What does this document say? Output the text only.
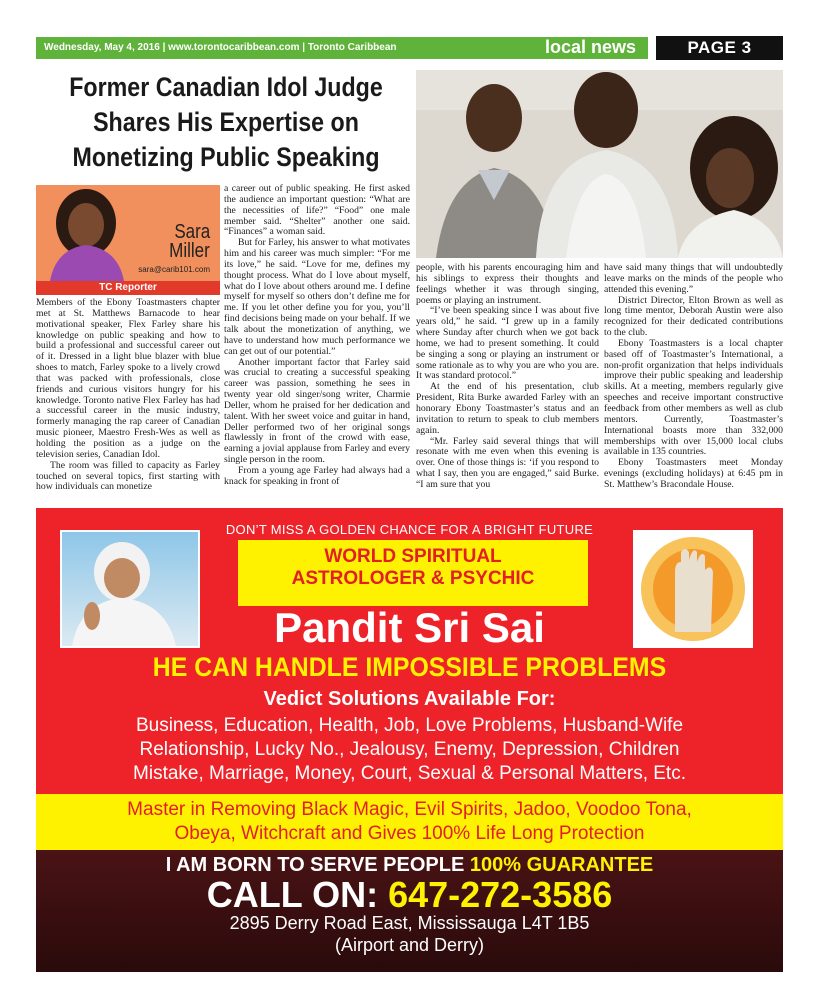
Wednesday, May 4, 2016 | www.torontocaribbean.com | Toronto Caribbean	local news	PAGE 3
Former Canadian Idol Judge
Shares His Expertise on
Monetizing Public Speaking
Sara
Miller
sara@carib101.com
TC Reporter

Members of the Ebony Toastmasters chapter met at St. Matthews Barnacode to hear motivational speaker, Flex Farley share his knowledge on public speaking and how to build a professional and successful career out of it. Dressed in a light blue blazer with blue shoes to match, Farley spoke to a lively crowd that was packed with professionals, close friends and curious visitors hungry for his knowledge. Toronto native Flex Farley has had a successful career in the music industry, formerly managing the rap career of Canadian music pioneer, Maestro Fresh-Wes as well as holding the position as a judge on the television series, Canadian Idol.

The room was filled to capacity as Farley touched on several topics, first starting with how individuals can monetize

a career out of public speaking. He first asked the audience an important question: “What are the necessities of life?” “Food” one male member said. “Shelter” another one said. “Finances” a woman said.

But for Farley, his answer to what motivates him and his career was much simpler: “For me its love,” he said. “Love for me, defines my thought process. What do I love about myself, what do I love about others around me. I define myself for myself so others don’t define me for me. If you let other define you for you, you’ll find decisions being made on your behalf. If we talk about the monetization of anything, we have to understand how much performance we can get out of our potential.”

Another important factor that Farley said was crucial to creating a successful speaking career was passion, something he sees in twenty year old singer/song writer, Charmie Deller, whom he praised for her dedication and talent. With her sweet voice and guitar in hand, Deller performed two of her original songs flawlessly in front of the crowd with ease, earning a jovial applause from Farley and every single person in the room.

From a young age Farley had always had a knack for speaking in front of

people, with his parents encouraging him and his siblings to express their thoughts and feelings whether it was through singing, poems or playing an instrument.

“I’ve been speaking since I was about five years old,” he said. “I grew up in a family where Sunday after church when we got back home, we had to present something. It could be singing a song or playing an instrument or some rationale as to why you are who you are. It was standard protocol.”

At the end of his presentation, club President, Rita Burke awarded Farley with an honorary Ebony Toastmaster’s status and an invitation to return to speak to club members again.

“Mr. Farley said several things that will resonate with me even when this evening is over. One of those things is: ‘if you respond to what I say, then you are engaged,” said Burke. “I am sure that you

have said many things that will undoubtedly leave marks on the minds of the people who attended this evening.”

District Director, Elton Brown as well as long time mentor, Deborah Austin were also recognized for their dedicated contributions to the club.

Ebony Toastmasters is a local chapter based off of Toastmaster’s International, a non-profit organization that helps individuals improve their public speaking and leadership skills. At a meeting, members regularly give speeches and receive important constructive feedback from other members as well as club mentors. Currently, Toastmaster’s International boasts more than 332,000 memberships with over 15,000 local clubs available in 135 countries.

Ebony Toastmasters meet Monday evenings (excluding holidays) at 6:45 pm in St. Matthew’s Bracondale House.

DON’T MISS A GOLDEN CHANCE FOR A BRIGHT FUTURE
WORLD SPIRITUAL
ASTROLOGER & PSYCHIC
Pandit Sri Sai
HE CAN HANDLE IMPOSSIBLE PROBLEMS
Vedict Solutions Available For:
Business, Education, Health, Job, Love Problems, Husband-Wife
Relationship, Lucky No., Jealousy, Enemy, Depression, Children
Mistake, Marriage, Money, Court, Sexual & Personal Matters, Etc.
Master in Removing Black Magic, Evil Spirits, Jadoo, Voodoo Tona,
Obeya, Witchcraft and Gives 100% Life Long Protection
I AM BORN TO SERVE PEOPLE 100% GUARANTEE
CALL ON: 647-272-3586
2895 Derry Road East, Mississauga L4T 1B5
(Airport and Derry)
